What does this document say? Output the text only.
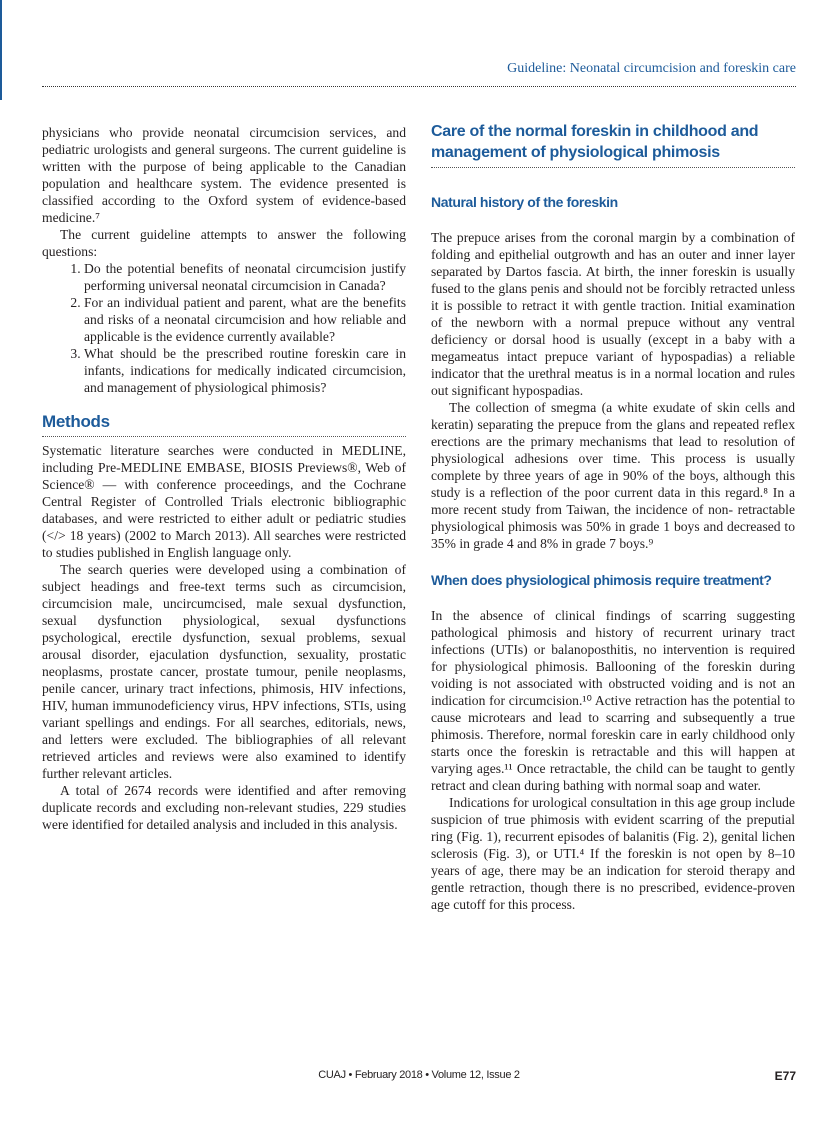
Guideline: Neonatal circumcision and foreskin care

physicians who provide neonatal circumcision services, and pediatric urologists and general surgeons. The current guideline is written with the purpose of being applicable to the Canadian population and healthcare system. The evidence presented is classified according to the Oxford system of evidence-based medicine.⁷

The current guideline attempts to answer the following questions:

1. Do the potential benefits of neonatal circumcision justify performing universal neonatal circumcision in Canada?
2. For an individual patient and parent, what are the benefits and risks of a neonatal circumcision and how reliable and applicable is the evidence currently available?
3. What should be the prescribed routine foreskin care in infants, indications for medically indicated circumcision, and management of physiological phimosis?
Methods

Systematic literature searches were conducted in MEDLINE, including Pre-MEDLINE EMBASE, BIOSIS Previews®, Web of Science® — with conference proceedings, and the Cochrane Central Register of Controlled Trials electronic bibliographic databases, and were restricted to either adult or pediatric studies (</> 18 years) (2002 to March 2013). All searches were restricted to studies published in English language only.

The search queries were developed using a combination of subject headings and free-text terms such as circumcision, circumcision male, uncircumcised, male sexual dysfunction, sexual dysfunction physiological, sexual dysfunctions psychological, erectile dysfunction, sexual problems, sexual arousal disorder, ejaculation dysfunction, sexuality, prostatic neoplasms, prostate cancer, prostate tumour, penile neoplasms, penile cancer, urinary tract infections, phimosis, HIV infections, HIV, human immunodeficiency virus, HPV infections, STIs, using variant spellings and endings. For all searches, editorials, news, and letters were excluded. The bibliographies of all relevant retrieved articles and reviews were also examined to identify further relevant articles.

A total of 2674 records were identified and after removing duplicate records and excluding non-relevant studies, 229 studies were identified for detailed analysis and included in this analysis.

Care of the normal foreskin in childhood and management of physiological phimosis
Natural history of the foreskin

The prepuce arises from the coronal margin by a combination of folding and epithelial outgrowth and has an outer and inner layer separated by Dartos fascia. At birth, the inner foreskin is usually fused to the glans penis and should not be forcibly retracted unless it is possible to retract it with gentle traction. Initial examination of the newborn with a normal prepuce without any ventral deficiency or dorsal hood is usually (except in a baby with a megameatus intact prepuce variant of hypospadias) a reliable indicator that the urethral meatus is in a normal location and rules out significant hypospadias.

The collection of smegma (a white exudate of skin cells and keratin) separating the prepuce from the glans and repeated reflex erections are the primary mechanisms that lead to resolution of physiological adhesions over time. This process is usually complete by three years of age in 90% of the boys, although this study is a reflection of the poor current data in this regard.⁸ In a more recent study from Taiwan, the incidence of non- retractable physiological phimosis was 50% in grade 1 boys and decreased to 35% in grade 4 and 8% in grade 7 boys.⁹

When does physiological phimosis require treatment?

In the absence of clinical findings of scarring suggesting pathological phimosis and history of recurrent urinary tract infections (UTIs) or balanoposthitis, no intervention is required for physiological phimosis. Ballooning of the foreskin during voiding is not associated with obstructed voiding and is not an indication for circumcision.¹⁰ Active retraction has the potential to cause microtears and lead to scarring and subsequently a true phimosis. Therefore, normal foreskin care in early childhood only starts once the foreskin is retractable and this will happen at varying ages.¹¹ Once retractable, the child can be taught to gently retract and clean during bathing with normal soap and water.

Indications for urological consultation in this age group include suspicion of true phimosis with evident scarring of the preputial ring (Fig. 1), recurrent episodes of balanitis (Fig. 2), genital lichen sclerosis (Fig. 3), or UTI.⁴ If the foreskin is not open by 8–10 years of age, there may be an indication for steroid therapy and gentle retraction, though there is no prescribed, evidence-proven age cutoff for this process.

CUAJ • February 2018 • Volume 12, Issue 2	E77
